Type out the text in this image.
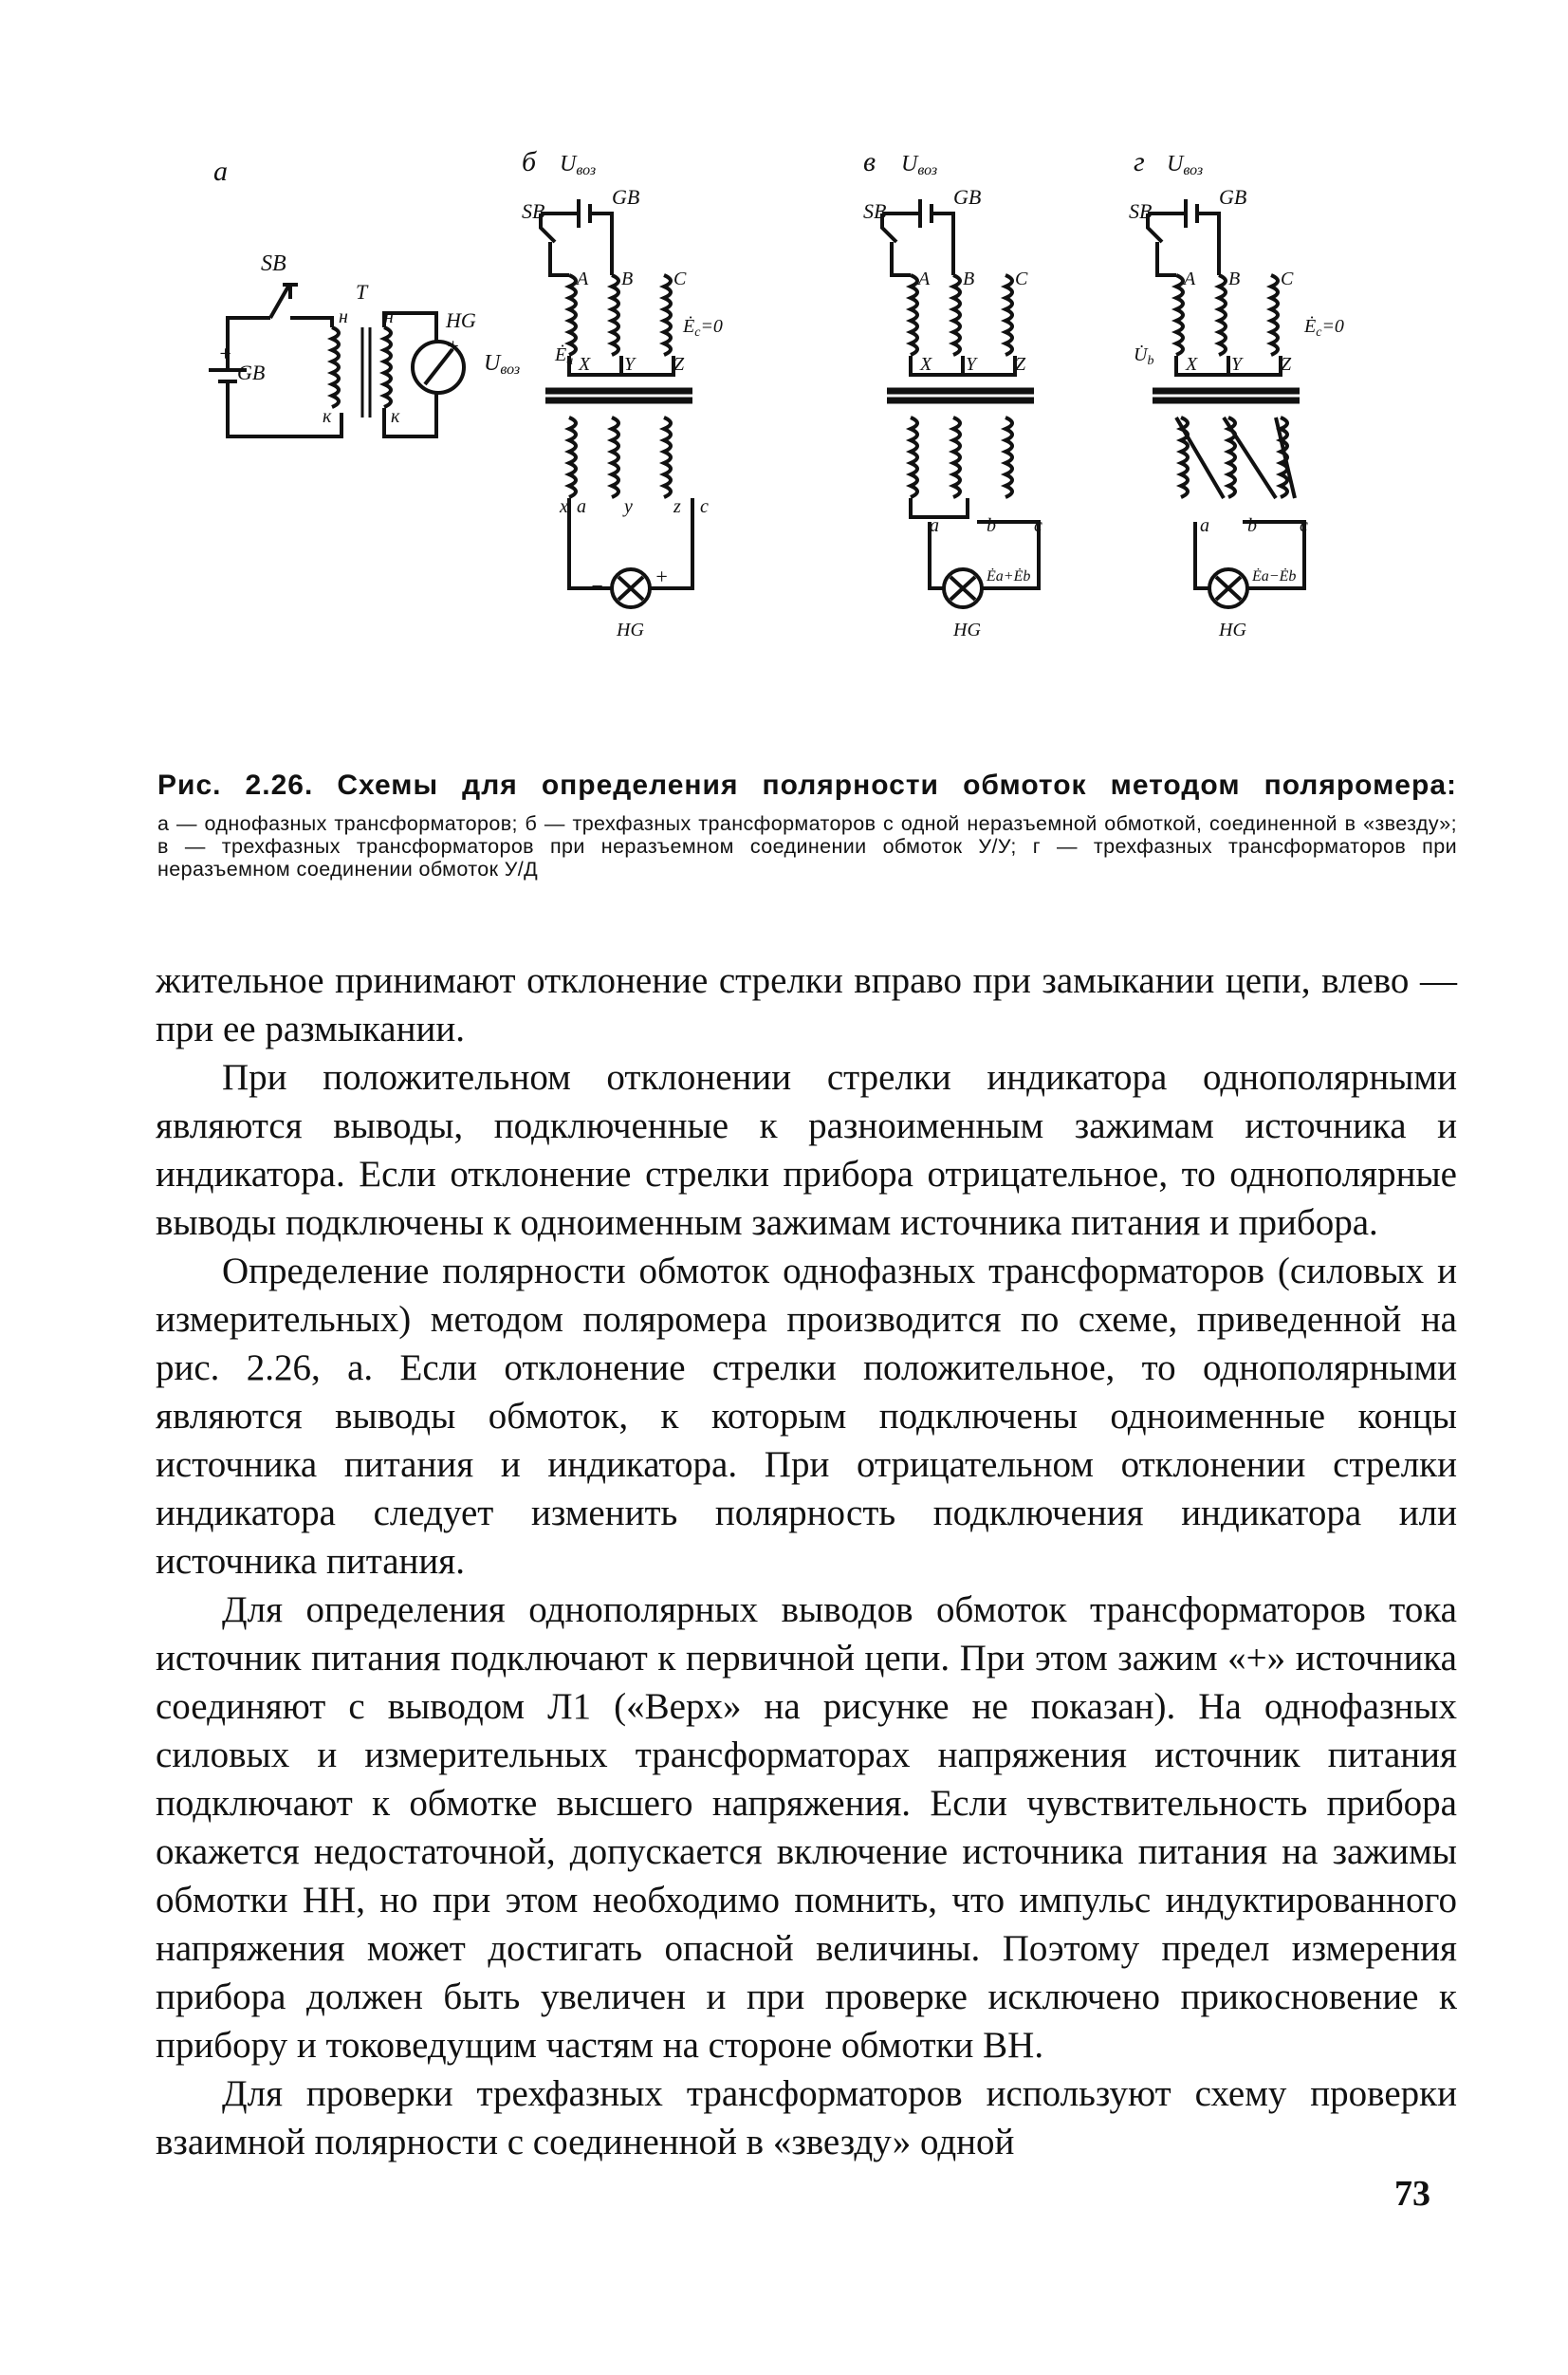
а	б	в	г
SB
GB
+
н
T
к
н
к
HG
+
Uвоз
Uвоз
SB
GB
A B C
X Y Z
$Ė_a$
$Ė_c=0$
x a y z c
HG
− +
Uвоз
SB
GB
A B C
X Y Z
a	b c
HG
Ėa+Ėb
Uвоз
SB
GB
A B C
X Y Z
$U̇_b$
a b c
HG
Ėa−Ėb
$Ė_c=0$
Рис. 2.26. Схемы для определения полярности обмоток методом поляромера:
а — однофазных трансформаторов; б — трехфазных трансформаторов с одной неразъемной обмоткой, соединенной в «звезду»; в — трехфазных трансформаторов при неразъемном соединении обмоток У/У; г — трехфазных трансформаторов при неразъемном соединении обмоток У/Д

жительное принимают отклонение стрелки вправо при замыкании цепи, влево — при ее размыкании.

При положительном отклонении стрелки индикатора однополярными являются выводы, подключенные к разноименным зажимам источника и индикатора. Если отклонение стрелки прибора отрицательное, то однополярные выводы подключены к одноименным зажимам источника питания и прибора.

Определение полярности обмоток однофазных трансформаторов (силовых и измерительных) методом поляромера производится по схеме, приведенной на рис. 2.26, а. Если отклонение стрелки положительное, то однополярными являются выводы обмоток, к которым подключены одноименные концы источника питания и индикатора. При отрицательном отклонении стрелки индикатора следует изменить полярность подключения индикатора или источника питания.

Для определения однополярных выводов обмоток трансформаторов тока источник питания подключают к первичной цепи. При этом зажим «+» источника соединяют с выводом Л1 («Верх» на рисунке не показан). На однофазных силовых и измерительных трансформаторах напряжения источник питания подключают к обмотке высшего напряжения. Если чувствительность прибора окажется недостаточной, допускается включение источника питания на зажимы обмотки НН, но при этом необходимо помнить, что импульс индуктированного напряжения может достигать опасной величины. Поэтому предел измерения прибора должен быть увеличен и при проверке исключено прикосновение к прибору и токоведущим частям на стороне обмотки ВН.

Для проверки трехфазных трансформаторов используют схему проверки взаимной полярности с соединенной в «звезду» одной

73
